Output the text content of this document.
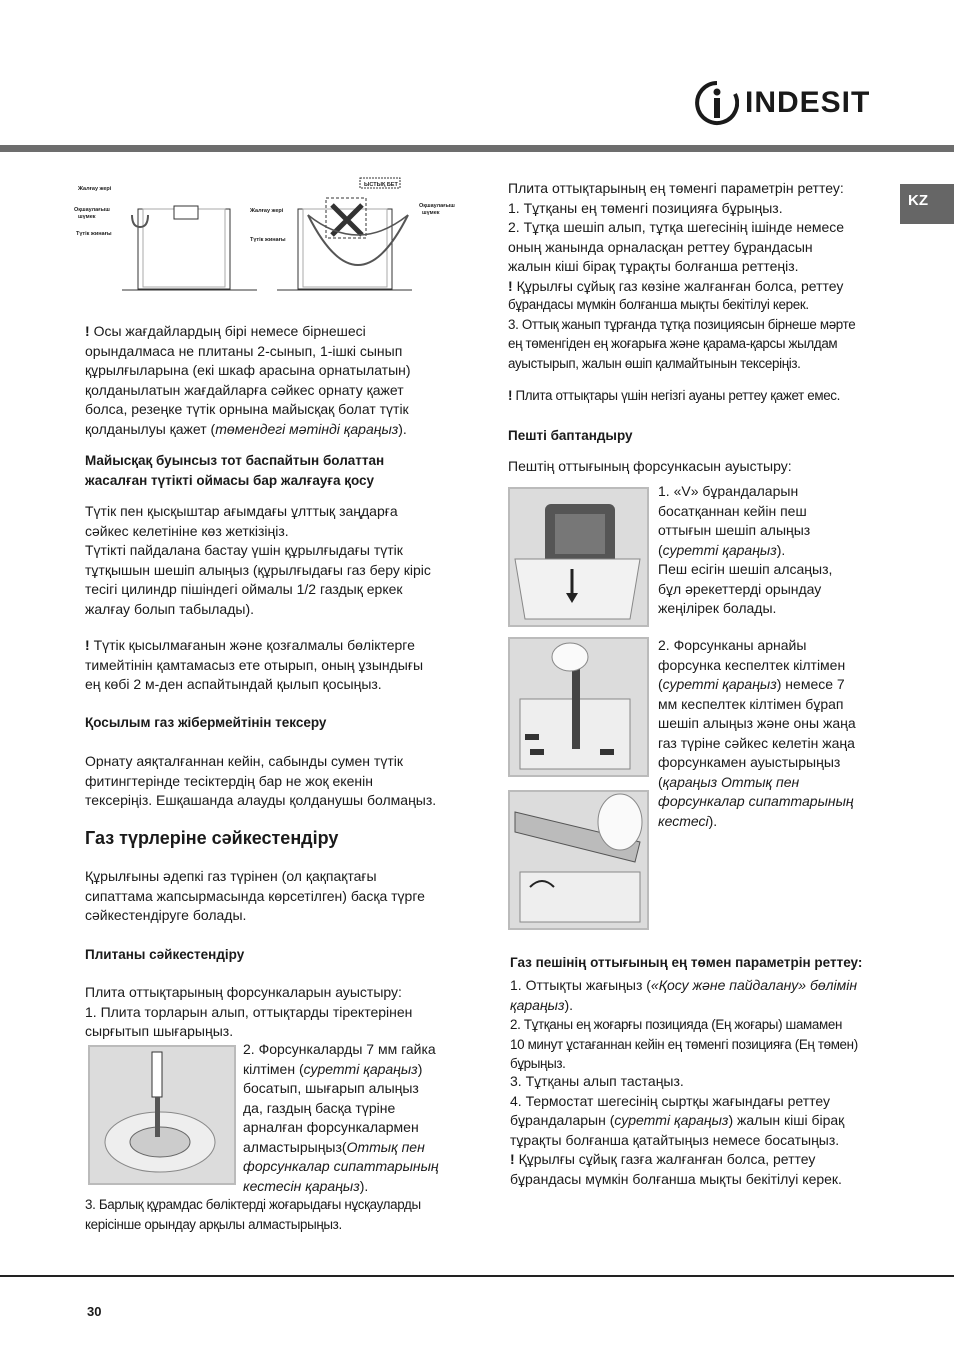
INDESIT
KZ
Жалғау жері
Оқшаулағыш
шүмек
Түтік жинағы
ЫСТЫҚ БЕТ
Жалғау жері
Оқшаулағыш
шүмек
Түтік жинағы
! Осы жағдайлардың бірі немесе бірнешесі
орындалмаса не плитаны 2-сынып, 1-ішкі сынып
құрылғыларына (екі шкаф арасына орнатылатын)
қолданылатын жағдайларға сәйкес орнату қажет
болса, резеңке түтік орнына майысқақ болат түтік
қолданылуы қажет (төмендегі мәтінді қараңыз).
Майысқақ буынсыз тот баспайтын болаттан
жасалған түтікті оймасы бар жалғауға қосу
Түтік пен қысқыштар ағымдағы ұлттық заңдарға
сәйкес келетініне көз жеткізіңіз.
Түтікті пайдалана бастау үшін құрылғыдағы түтік
тұтқышын шешіп алыңыз (құрылғыдағы газ беру кіріс
тесігі цилиндр пішіндегі оймалы 1/2 газдық еркек
жалғау болып табылады).
! Түтік қысылмағанын және қозғалмалы бөліктерге
тимейтінін қамтамасыз ете отырып, оның ұзындығы
ең көбі 2 м-ден аспайтындай қылып қосыңыз.
Қосылым газ жібермейтінін тексеру
Орнату аяқталғаннан кейін, сабынды сумен түтік
фитингтерінде тесіктердің бар не жоқ екенін
тексеріңіз. Ешқашанда алауды қолданушы болмаңыз.
Газ түрлеріне сәйкестендіру
Құрылғыны әдепкі газ түрінен (ол қақпақтағы
сипаттама жапсырмасында көрсетілген) басқа түрге
сәйкестендіруге болады.
Плитаны сәйкестендіру
Плита оттықтарының форсункаларын ауыстыру:
1. Плита торларын алып, оттықтарды тіректерінен
сырғытып шығарыңыз.
2. Форсункаларды 7 мм гайка
кілтімен (суретті қараңыз)
босатып, шығарып алыңыз
да, газдың басқа түріне
арналған форсункалармен
алмастырыңыз(Оттық пен
форсункалар сипаттарының
кестесін қараңыз).
3. Барлық құрамдас бөліктерді жоғарыдағы нұсқауларды
керісінше орындау арқылы алмастырыңыз.
Плита оттықтарының ең төменгі параметрін реттеу:
1. Тұтқаны ең төменгі позицияға бұрыңыз.
2. Тұтқа шешіп алып, тұтқа шегесінің ішінде немесе
оның жанында орналасқан реттеу бұрандасын
жалын кіші бірақ тұрақты болғанша реттеңіз.
! Құрылғы сұйық газ көзіне жалғанған болса, реттеу
бұрандасы мүмкін болғанша мықты бекітілуі керек.
3. Оттық жанып тұрғанда тұтқа позициясын бірнеше мәрте
ең төменгіден ең жоғарыға және қарама-қарсы жылдам
ауыстырып, жалын өшіп қалмайтынын тексеріңіз.
! Плита оттықтары үшін негізгі ауаны реттеу қажет емес.
Пешті баптандыру
Пештің оттығының форсункасын ауыстыру:
1. «V» бұрандаларын
босатқаннан кейін пеш
оттығын шешіп алыңыз
(суретті қараңыз).
Пеш есігін шешіп алсаңыз,
бұл әрекеттерді орындау
жеңілірек болады.
2. Форсунканы арнайы
форсунка кеспелтек кілтімен
(суретті қараңыз) немесе 7
мм кеспелтек кілтімен бұрап
шешіп алыңыз және оны жаңа
газ түріне сәйкес келетін жаңа
форсункамен ауыстырыңыз
(қараңыз Оттық пен
форсункалар сипаттарының
кестесі).
Газ пешінің оттығының ең төмен параметрін реттеу:
1. Оттықты жағыңыз («Қосу және пайдалану» бөлімін
қараңыз).
2. Тұтқаны ең жоғарғы позицияда (Ең жоғары) шамамен
10 минут ұстағаннан кейін ең төменгі позицияға (Ең төмен)
бұрыңыз.
3. Тұтқаны алып тастаңыз.
4. Термостат шегесінің сыртқы жағындағы реттеу
бұрандаларын (суретті қараңыз) жалын кіші бірақ
тұрақты болғанша қатайтыңыз немесе босатыңыз.
! Құрылғы сұйық газға жалғанған болса, реттеу
бұрандасы мүмкін болғанша мықты бекітілуі керек.
30
